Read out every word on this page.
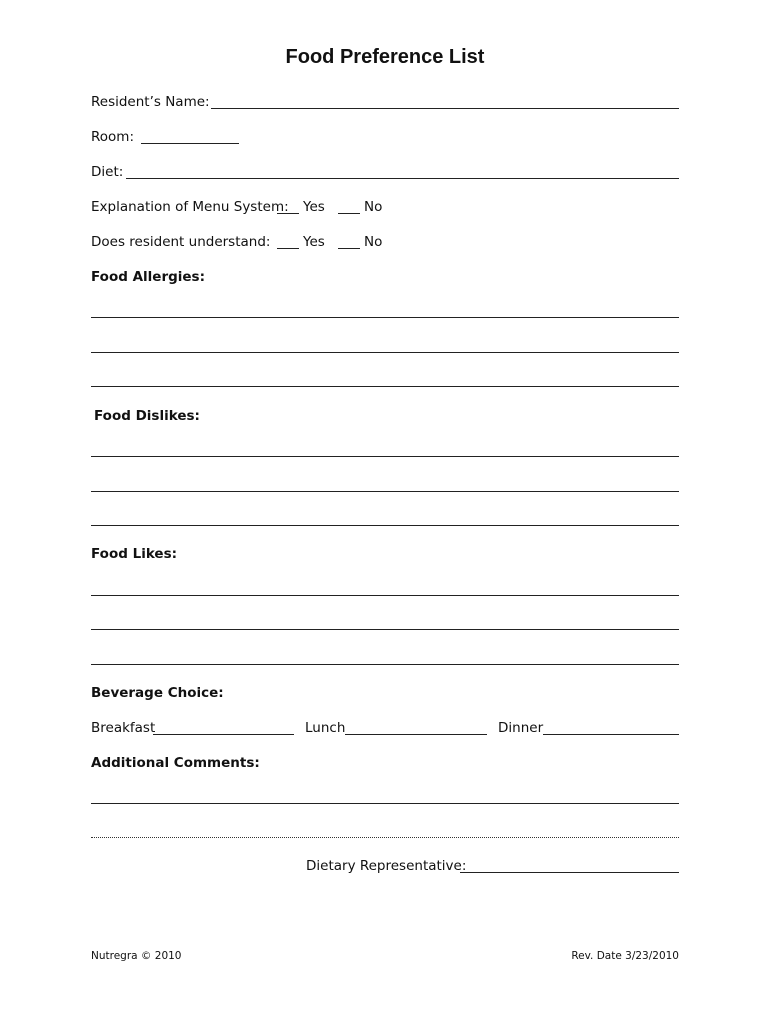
Food Preference List
Resident’s Name:
Room:
Diet:
Explanation of Menu System: Yes	No
Does resident understand: Yes	No
Food Allergies:
Food Dislikes:
Food Likes:
Beverage Choice:
Breakfast	Lunch	Dinner
Additional Comments:
Dietary Representative:
Nutregra © 2010	Rev. Date 3/23/2010
